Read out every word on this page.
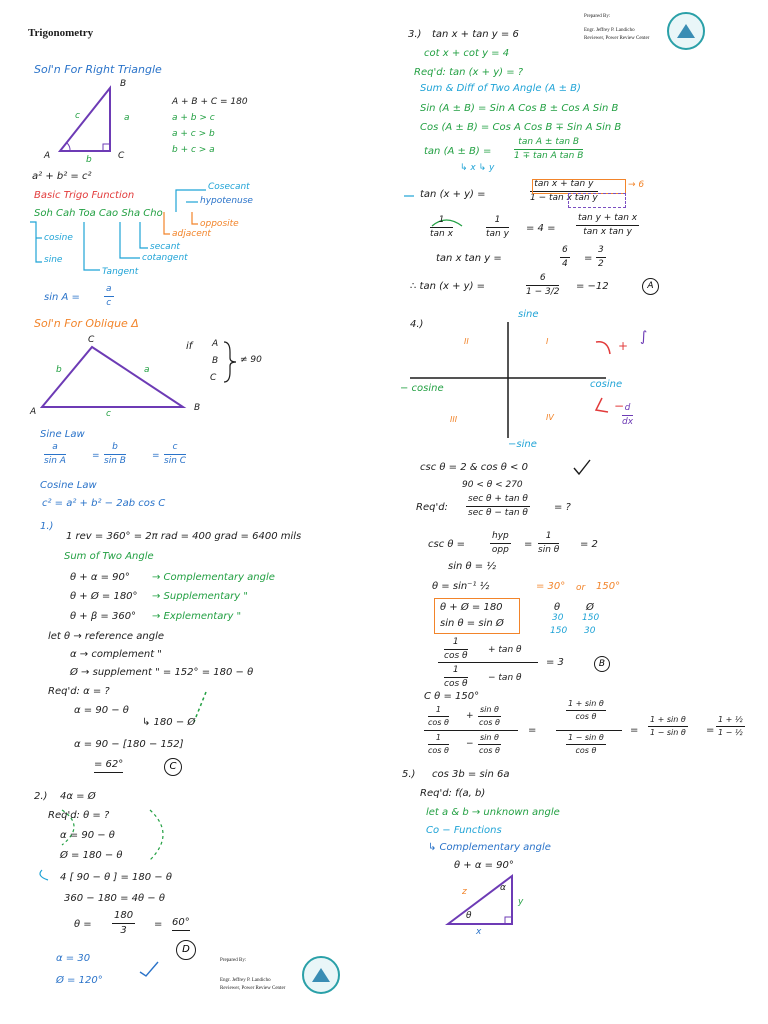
Trigonometry
Prepared By:
Engr. Jeffrey P. Landicho
Reviewer, Power Review Center
Sol'n For Right Triangle
B
A	C
c	a
b
A + B + C = 180
a + b > c
a + c > b
b + c > a
a² + b² = c²
Basic Trigo Function
Soh Cah Toa Cao Sha Cho
Cosecant
hypotenuse
opposite
adjacent
secant
cotangent
cosine
sine
Tangent
sin A =	$\frac{a}{c}$
Sol'n For Oblique Δ
C
A	B
b	a
c
if A
B
C
≠ 90
Sine Law
$\frac{a}{\text{sin A}}$	= $\frac{b}{\text{sin B}}$	= $\frac{c}{\text{sin C}}$
Cosine Law
c² = a² + b² − 2ab cos C
1.)
1 rev = 360° = 2π rad = 400 grad = 6400 mils
Sum of Two Angle
θ + α = 90° → Complementary angle
θ + Ø = 180° → Supplementary "
θ + β = 360° → Explementary "
let θ → reference angle
α → complement "
Ø → supplement " = 152° = 180 − θ
Req'd: α = ?
α = 90 − θ
↳ 180 − Ø
α = 90 − [180 − 152]
= 62°	C
2.) 4α = Ø
Req'd: θ = ?
α = 90 − θ
Ø = 180 − θ
4 [ 90 − θ ] = 180 − θ
360 − 180 = 4θ − θ
$\theta = \frac{180}{3} = 60^\circ$
D
α = 30
Ø = 120°
3.) tan x + tan y = 6
cot x + cot y = 4
Req'd: tan (x + y) = ?
Sum & Diff of Two Angle (A ± B)
Sin (A ± B) = Sin A Cos B ± Cos A Sin B
Cos (A ± B) = Cos A Cos B ∓ Sin A Sin B
tan (A ± B) =	$\frac{\text{tan A ± tan B}}{\text{1 ∓ tan A tan B}}$
↳ x ↳ y
tan (x + y) =	$\frac{\text{tan x + tan y}}{\text{1 − tan x tan y}}$	→ 6
$\frac{1}{\text{tan x}}$	$\frac{1}{\text{tan y}} = 4 = \frac{\text{tan y + tan x}}{\text{tan x tan y}}$
tan x tan y =	$\frac{6}{4} = \frac{3}{2}$
∴ tan (x + y) =	$\frac{6}{1 - 3/2} = -12$	A
4.)
sine
cosine
− cosine
−sine
II	I
III	IV
+
∫
−
$\frac{d}{dx}$
csc θ = 2 & cos θ < 0
90 < θ < 270
Req'd:
sec θ + tan θ
sec θ − tan θ	= ?
csc θ =
hyp
opp = $\frac{1}{\text{sin θ}} = 2$
sin θ = ½
θ = sin⁻¹ ½	= 30° or 150°
θ + Ø = 180
sin θ = sin Ø
θ	Ø
30 150
150 30
$\frac{1}{\text{cos θ}} + \tan \theta$
$\frac{1}{\text{cos θ}} - \tan \theta$
= 3	B
C θ = 150°
$\frac{1}{\text{cos θ}} + \frac{\text{sin θ}}{\text{cos θ}}$
$\frac{1}{\text{cos θ}} - \frac{\text{sin θ}}{\text{cos θ}}$
=
$\frac{\text{1 + sin θ}}{\text{cos θ}}$
$\frac{\text{1 − sin θ}}{\text{cos θ}}$
= $\frac{\text{1 + sin θ}}{\text{1 − sin θ}} = \frac{\text{1 + ½}}{\text{1 − ½}}$
5.) cos 3b = sin 6a
Req'd: f(a, b)
let a & b → unknown angle
Co − Functions
↳ Complementary angle
θ + α = 90°
z
x
y
α
θ
Prepared By:
Engr. Jeffrey P. Landicho
Reviewer, Power Review Center
